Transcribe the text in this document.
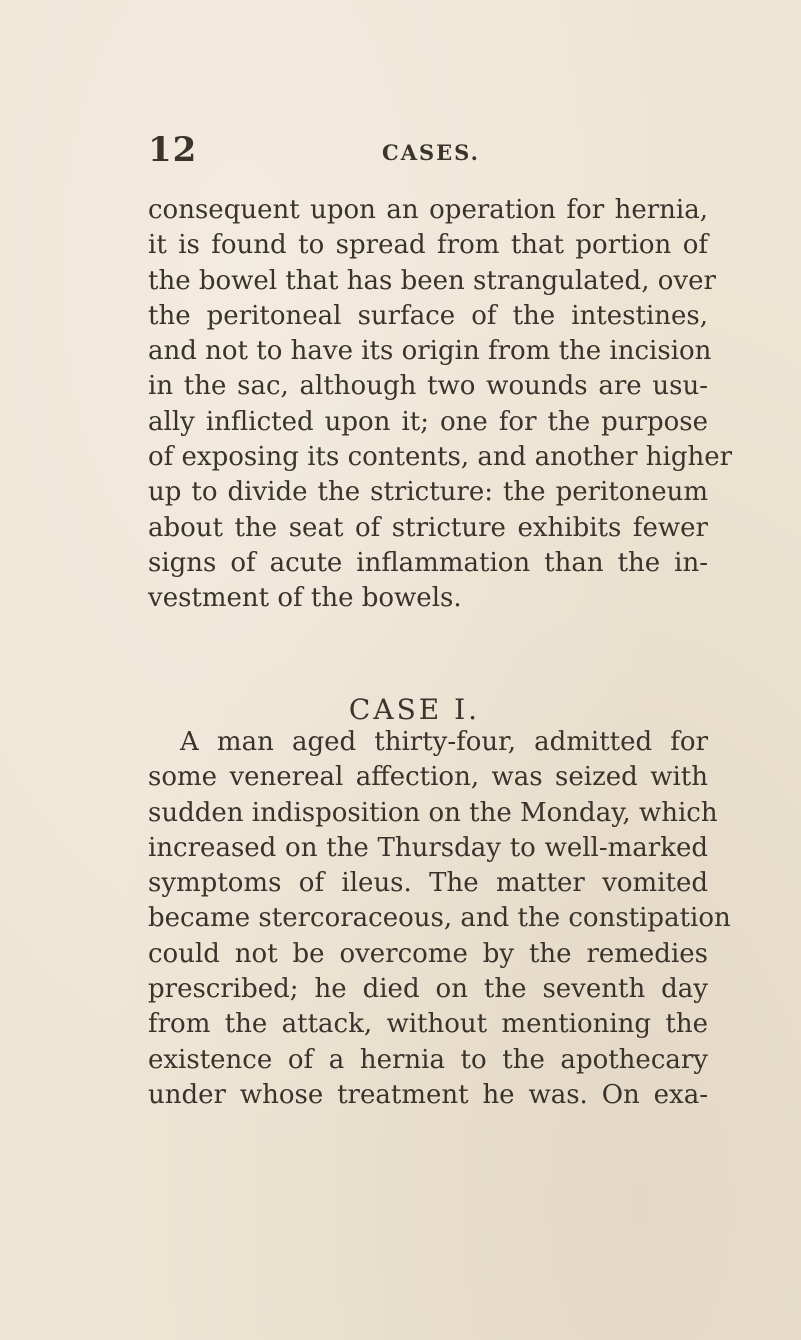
12	CASES.
consequent upon an operation for hernia,
it is found to spread from that portion of
the bowel that has been strangulated, over
the peritoneal surface of the intestines,
and not to have its origin from the incision
in the sac, although two wounds are usu-
ally inflicted upon it; one for the purpose
of exposing its contents, and another higher
up to divide the stricture: the peritoneum
about the seat of stricture exhibits fewer
signs of acute inflammation than the in-
vestment of the bowels.
CASE I.
A man aged thirty-four, admitted for
some venereal affection, was seized with
sudden indisposition on the Monday, which
increased on the Thursday to well-marked
symptoms of ileus. The matter vomited
became stercoraceous, and the constipation
could not be overcome by the remedies
prescribed; he died on the seventh day
from the attack, without mentioning the
existence of a hernia to the apothecary
under whose treatment he was. On exa-
